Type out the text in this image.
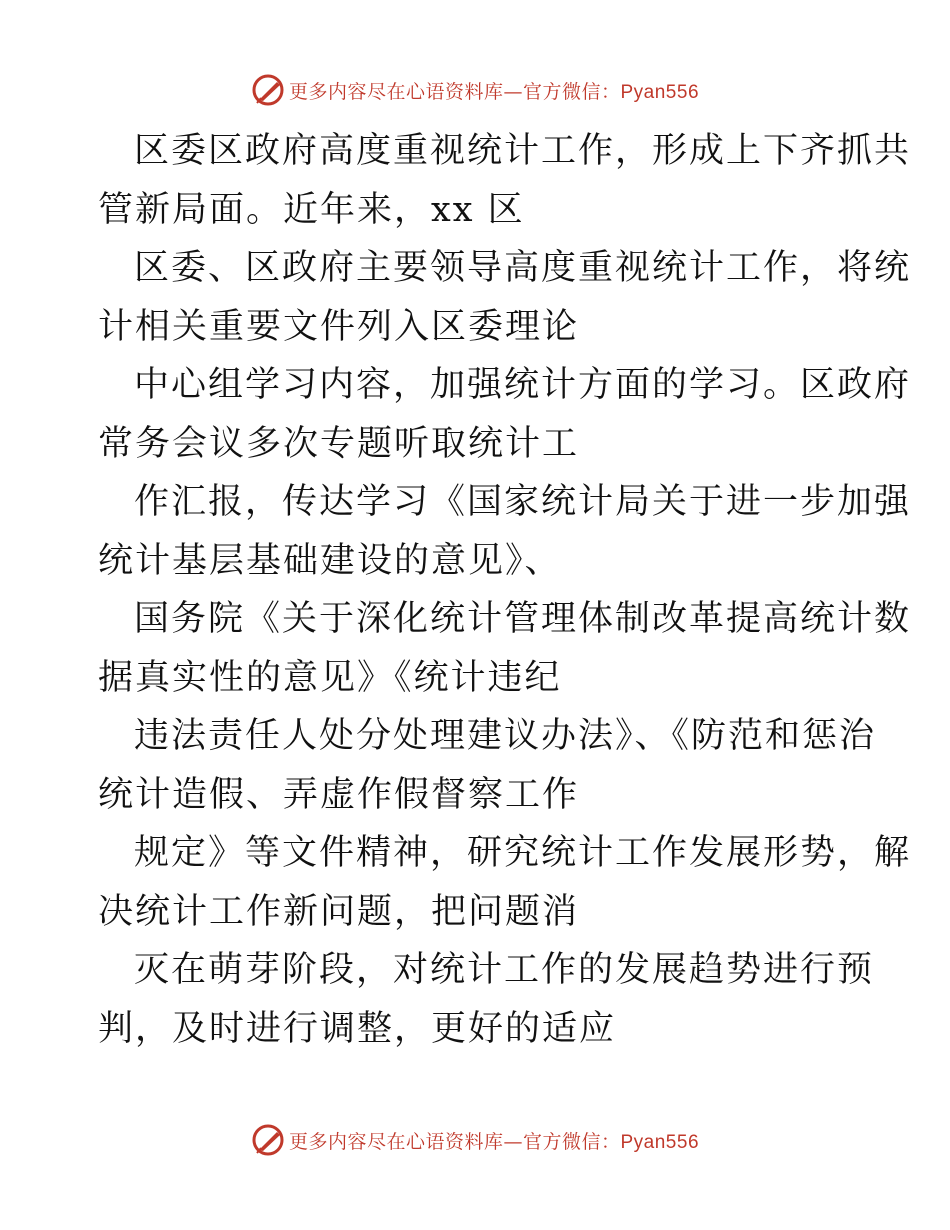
更多内容尽在心语资料库—官方微信：Pyan556

区委区政府高度重视统计工作，形成上下齐抓共

管新局面。近年来，xx 区

区委、区政府主要领导高度重视统计工作，将统

计相关重要文件列入区委理论

中心组学习内容，加强统计方面的学习。区政府

常务会议多次专题听取统计工

作汇报，传达学习《国家统计局关于进一步加强

统计基层基础建设的意见》、

国务院《关于深化统计管理体制改革提高统计数

据真实性的意见》《统计违纪

违法责任人处分处理建议办法》、《防范和惩治

统计造假、弄虚作假督察工作

规定》等文件精神，研究统计工作发展形势，解

决统计工作新问题，把问题消

灭在萌芽阶段，对统计工作的发展趋势进行预

判，及时进行调整，更好的适应

更多内容尽在心语资料库—官方微信：Pyan556
